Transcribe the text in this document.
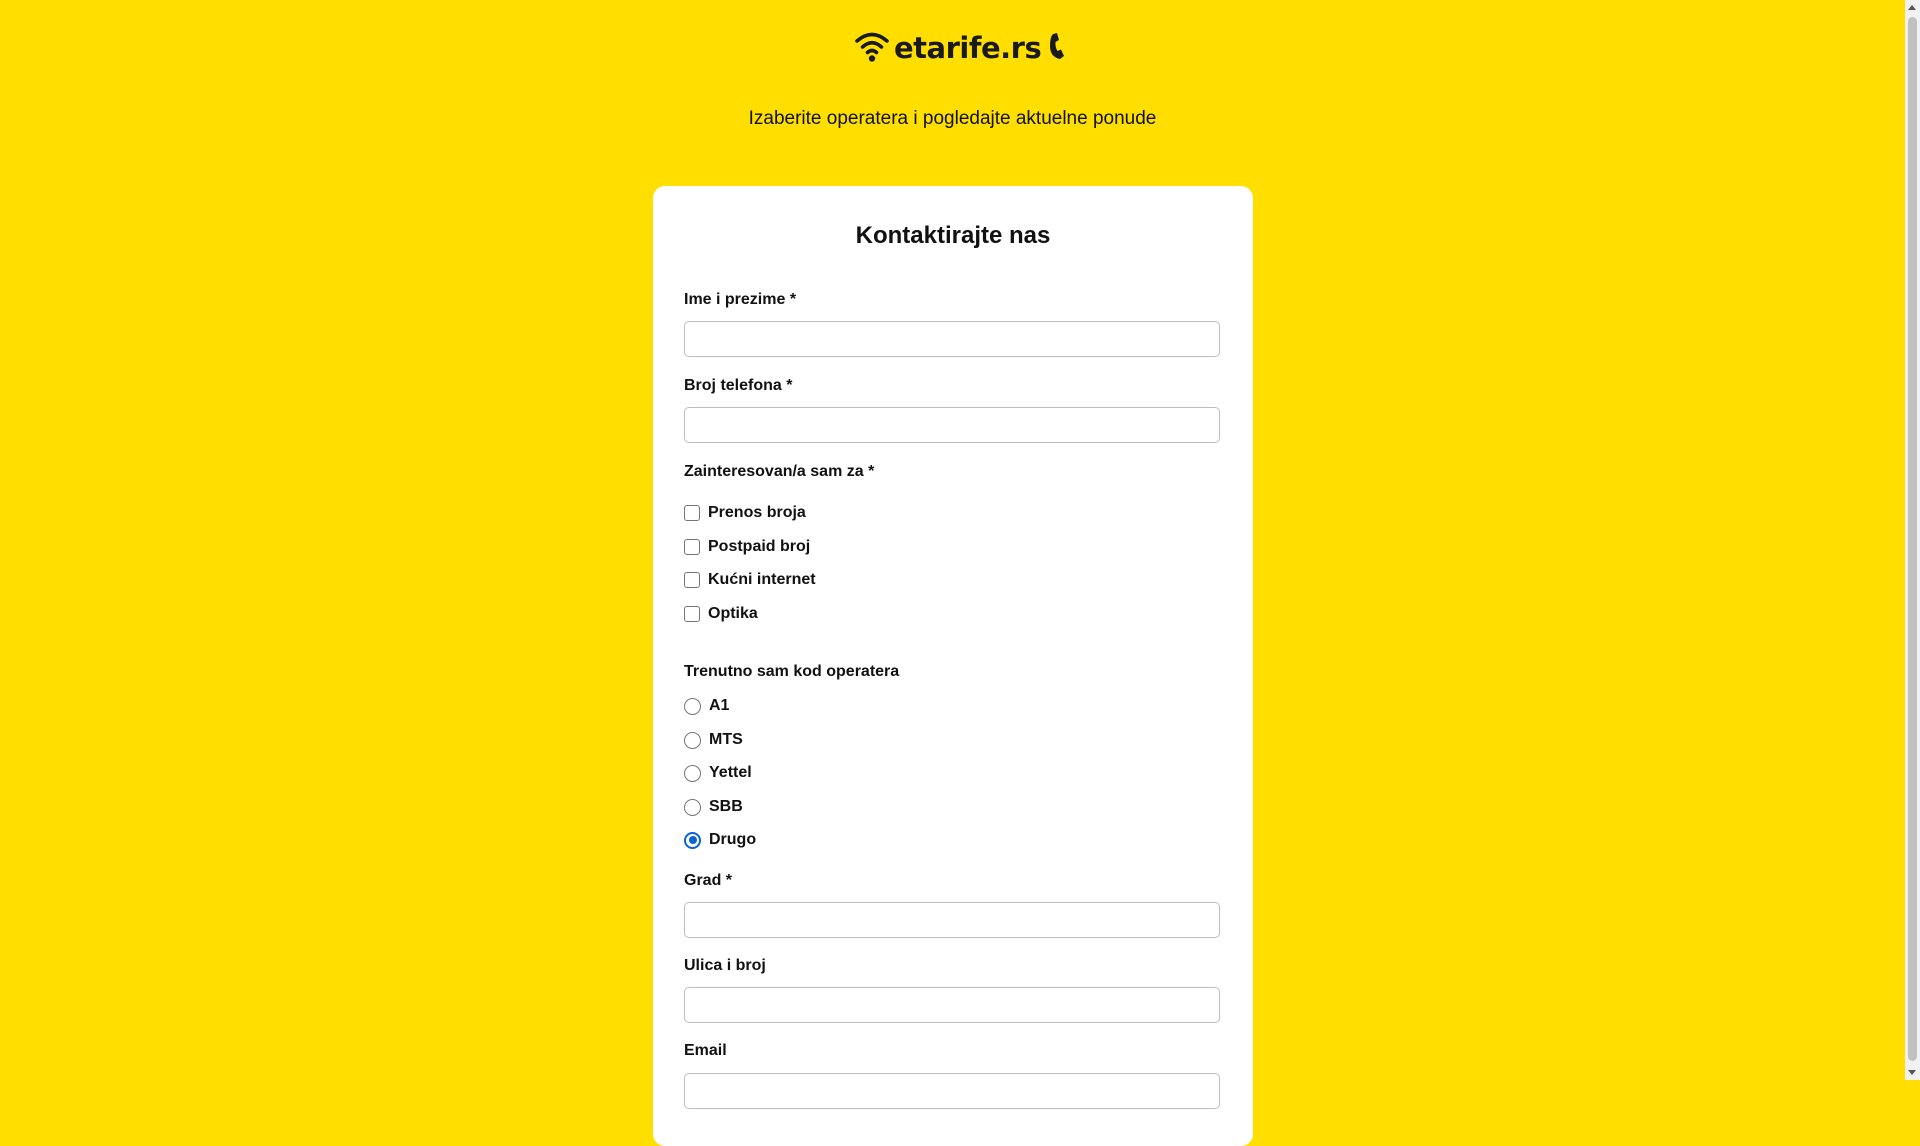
etarife.rs
Izaberite operatera i pogledajte aktuelne ponude
Kontaktirajte nas
Ime i prezime *
Broj telefona *
Zainteresovan/a sam za *
Prenos broja
Postpaid broj
Kućni internet
Optika
Trenutno sam kod operatera
A1
MTS
Yettel
SBB
Drugo
Grad *
Ulica i broj
Email
